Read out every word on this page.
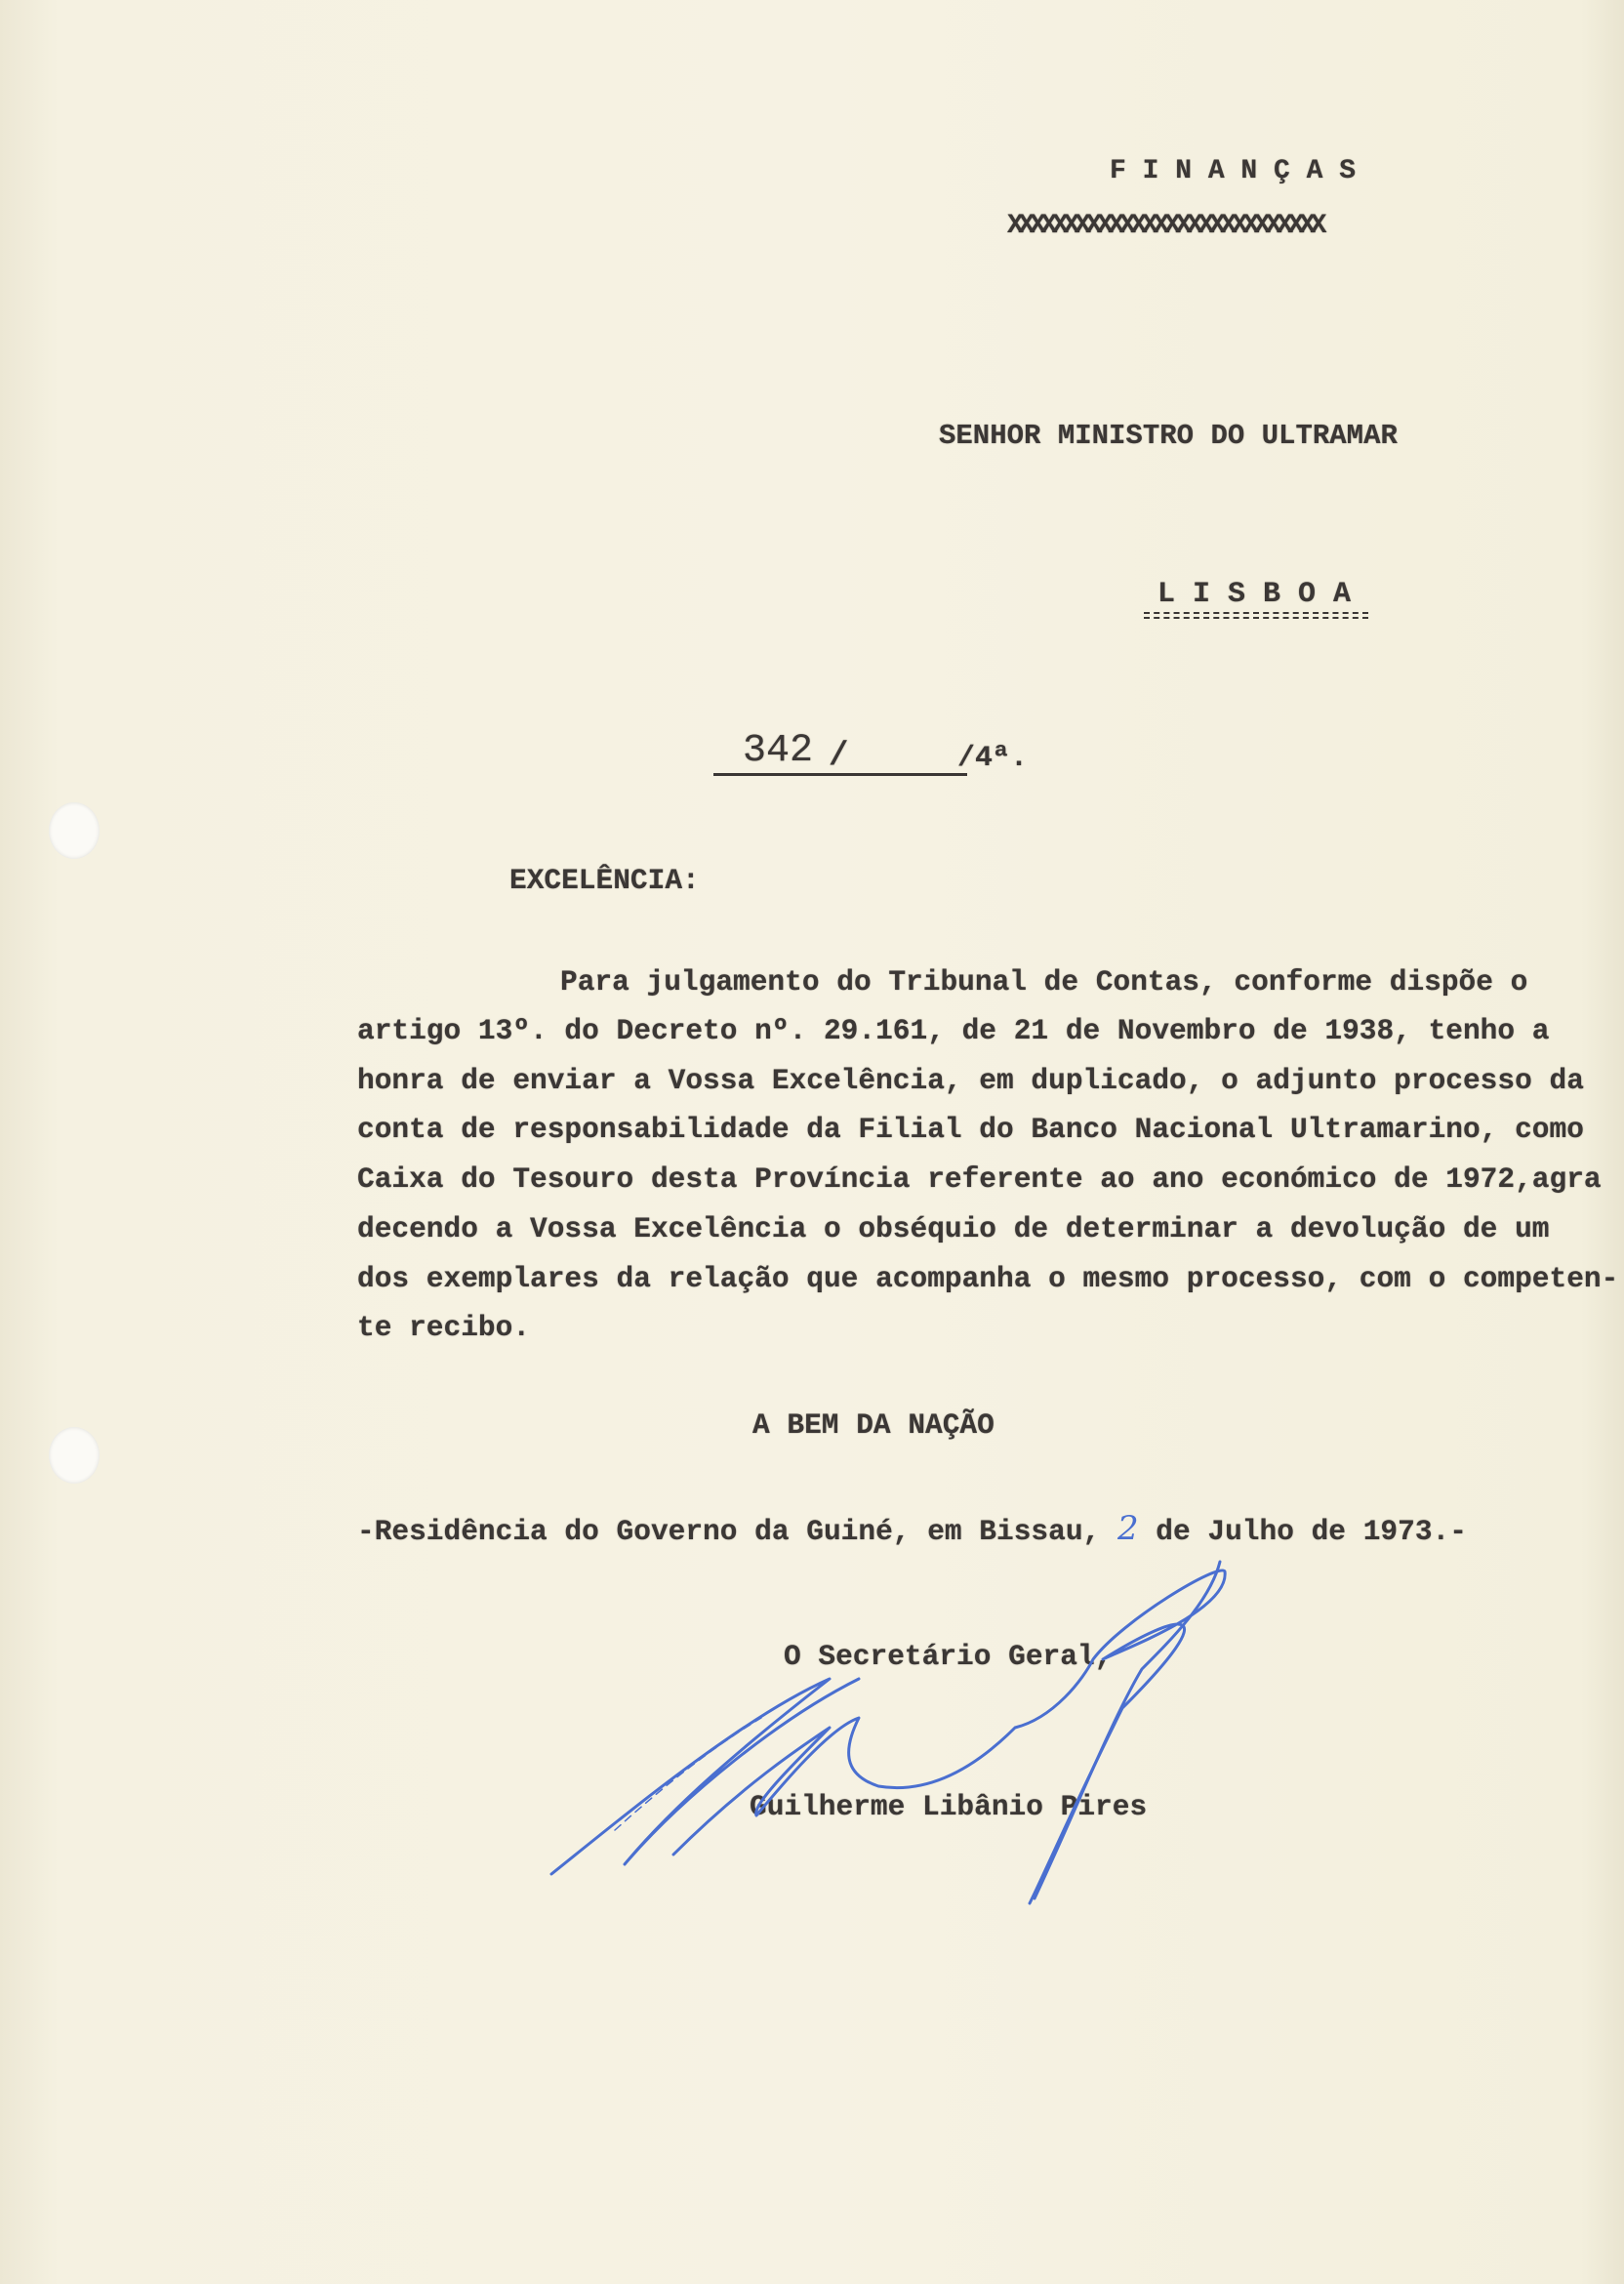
F I N A N Ç A S
XXXXXXXXXXXXXXXXXXXXXXXXXXXX
SENHOR MINISTRO DO ULTRAMAR
L I S B O A
342 /	/4ª.
EXCELÊNCIA:
Para julgamento do Tribunal de Contas, conforme dispõe o
artigo 13º. do Decreto nº. 29.161, de 21 de Novembro de 1938, tenho a
honra de enviar a Vossa Excelência, em duplicado, o adjunto processo da
conta de responsabilidade da Filial do Banco Nacional Ultramarino, como
Caixa do Tesouro desta Província referente ao ano económico de 1972,agra
decendo a Vossa Excelência o obséquio de determinar a devolução de um
dos exemplares da relação que acompanha o mesmo processo, com o competen-
te recibo.
A BEM DA NAÇÃO
-Residência do Governo da Guiné, em Bissau, 2 de Julho de 1973.-
O Secretário Geral,
Guilherme Libânio Pires
